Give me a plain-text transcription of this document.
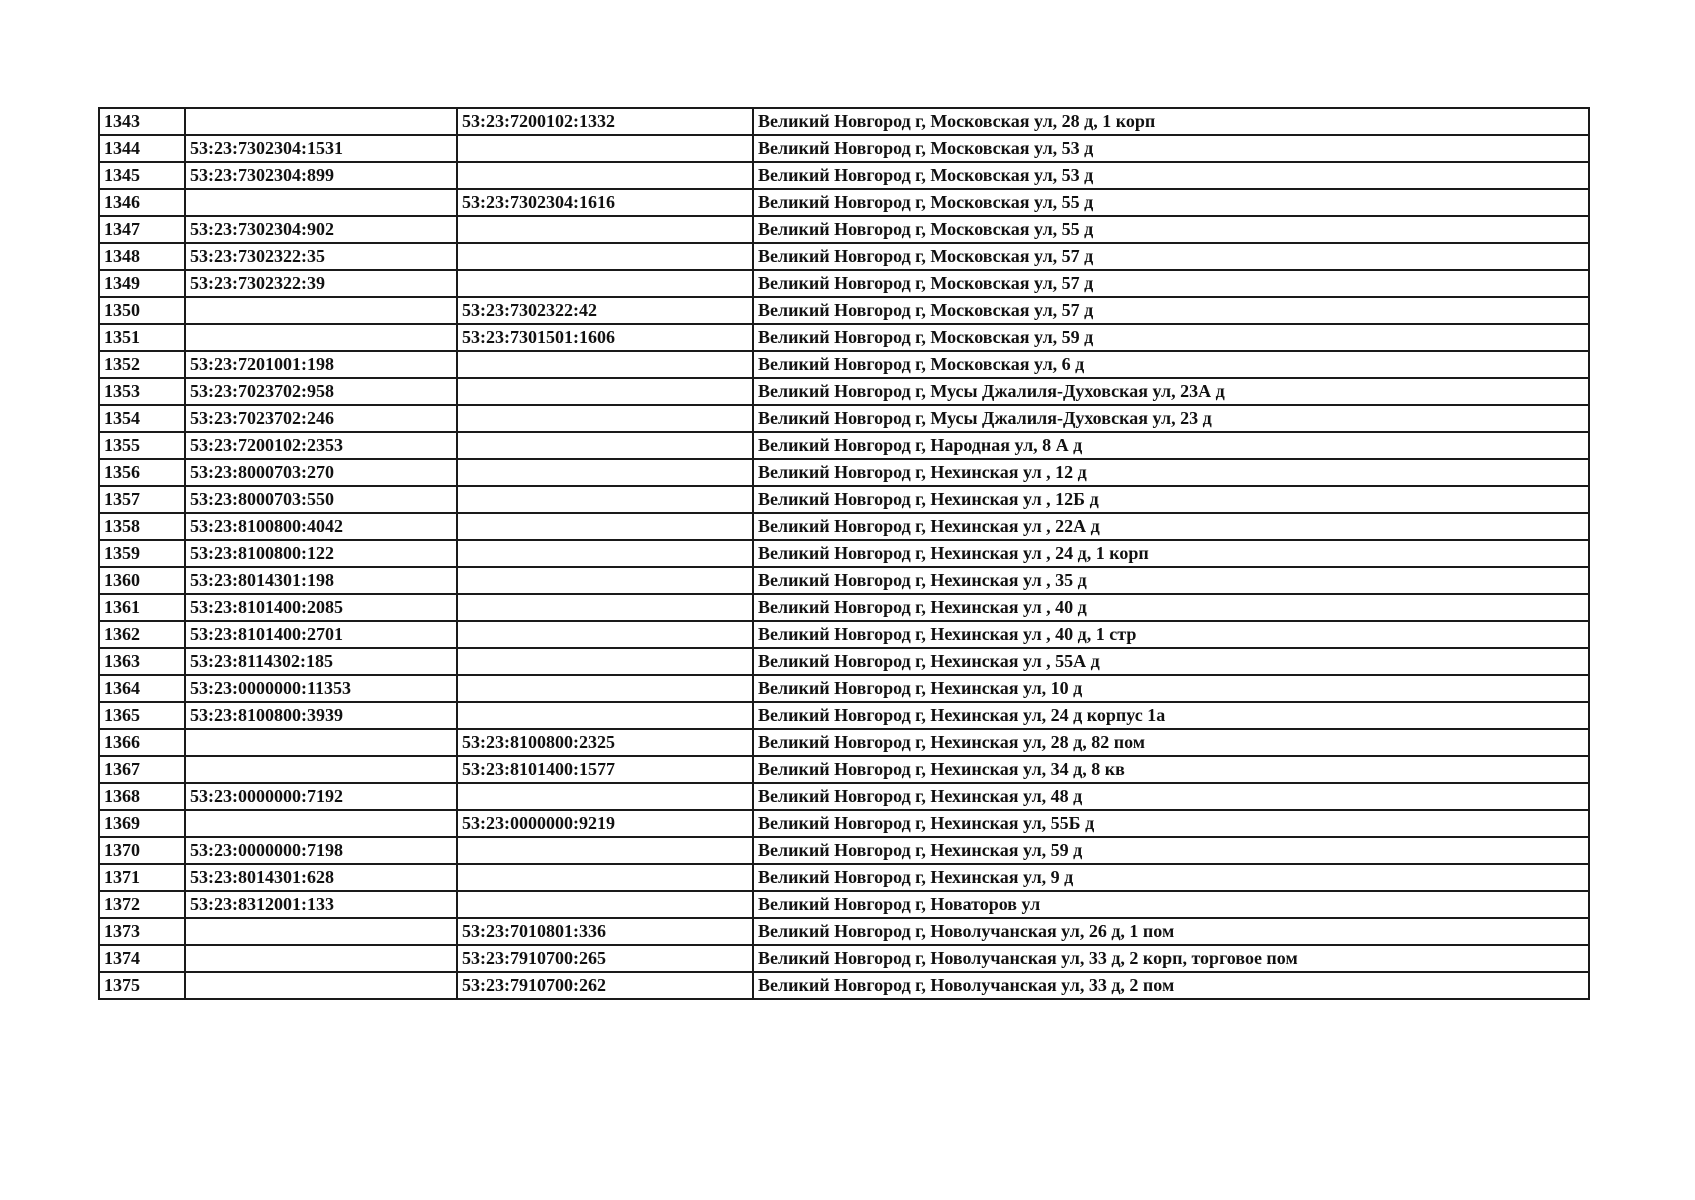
1343		53:23:7200102:1332	Великий Новгород г, Московская ул, 28 д, 1 корп
1344	53:23:7302304:1531		Великий Новгород г, Московская ул, 53 д
1345	53:23:7302304:899		Великий Новгород г, Московская ул, 53 д
1346		53:23:7302304:1616	Великий Новгород г, Московская ул, 55 д
1347	53:23:7302304:902		Великий Новгород г, Московская ул, 55 д
1348	53:23:7302322:35		Великий Новгород г, Московская ул, 57 д
1349	53:23:7302322:39		Великий Новгород г, Московская ул, 57 д
1350		53:23:7302322:42	Великий Новгород г, Московская ул, 57 д
1351		53:23:7301501:1606	Великий Новгород г, Московская ул, 59 д
1352	53:23:7201001:198		Великий Новгород г, Московская ул, 6 д
1353	53:23:7023702:958		Великий Новгород г, Мусы Джалиля-Духовская ул, 23А д
1354	53:23:7023702:246		Великий Новгород г, Мусы Джалиля-Духовская ул, 23 д
1355	53:23:7200102:2353		Великий Новгород г, Народная ул, 8 А д
1356	53:23:8000703:270		Великий Новгород г, Нехинская ул , 12 д
1357	53:23:8000703:550		Великий Новгород г, Нехинская ул , 12Б д
1358	53:23:8100800:4042		Великий Новгород г, Нехинская ул , 22А д
1359	53:23:8100800:122		Великий Новгород г, Нехинская ул , 24 д, 1 корп
1360	53:23:8014301:198		Великий Новгород г, Нехинская ул , 35 д
1361	53:23:8101400:2085		Великий Новгород г, Нехинская ул , 40 д
1362	53:23:8101400:2701		Великий Новгород г, Нехинская ул , 40 д, 1 стр
1363	53:23:8114302:185		Великий Новгород г, Нехинская ул , 55А д
1364	53:23:0000000:11353		Великий Новгород г, Нехинская ул, 10 д
1365	53:23:8100800:3939		Великий Новгород г, Нехинская ул, 24 д корпус 1а
1366		53:23:8100800:2325	Великий Новгород г, Нехинская ул, 28 д, 82 пом
1367		53:23:8101400:1577	Великий Новгород г, Нехинская ул, 34 д, 8 кв
1368	53:23:0000000:7192		Великий Новгород г, Нехинская ул, 48 д
1369		53:23:0000000:9219	Великий Новгород г, Нехинская ул, 55Б д
1370	53:23:0000000:7198		Великий Новгород г, Нехинская ул, 59 д
1371	53:23:8014301:628		Великий Новгород г, Нехинская ул, 9 д
1372	53:23:8312001:133		Великий Новгород г, Новаторов ул
1373		53:23:7010801:336	Великий Новгород г, Новолучанская ул, 26 д, 1 пом
1374		53:23:7910700:265	Великий Новгород г, Новолучанская ул, 33 д, 2 корп, торговое пом
1375		53:23:7910700:262	Великий Новгород г, Новолучанская ул, 33 д, 2 пом
